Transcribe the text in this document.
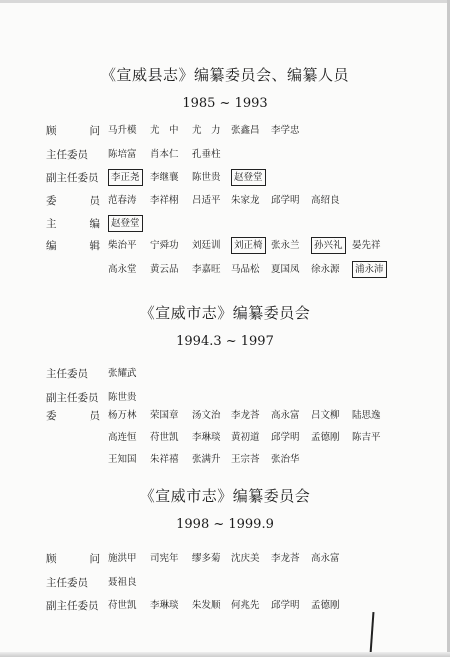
《宣威县志》编纂委员会、编纂人员
1985 ~ 1993
顾	问 马升模 尤　中 尤　力 张鑫昌 李学忠
主任委员 陈培富 肖本仁 孔垂柱
副主任委员	李正尧	李继襄 陈世贵	赵登堂
委	员 范春涛 李祥栩 吕适平 朱家龙 邱学明 高绍良
主	编	赵登堂
编	辑 柴治平 宁舜功 刘廷训	刘正椅 张永兰	孙兴礼 晏先祥
高永堂 黄云品 李嘉旺 马品松 夏国凤 徐永源	浦永沛
《宣威市志》编纂委员会
1994.3 ~ 1997
主任委员 张耀武
副主任委员 陈世贵
委	员 杨万林 荣国章 汤文治 李龙荅 高永富 吕文柳 陆思逸
高连恒 苻世凯 李琳琰 黄初道 邱学明 孟德刚 陈吉平
王知国 朱祥禧 张满升 王宗荅 张治华
《宣威市志》编纂委员会
1998 ~ 1999.9
顾	问 施洪甲 司宪年 缪多菊 沈庆美 李龙荅 高永富
主任委员 聂祖良
副主任委员 苻世凯 李琳琰 朱发顺 何兆先 邱学明 孟德刚
